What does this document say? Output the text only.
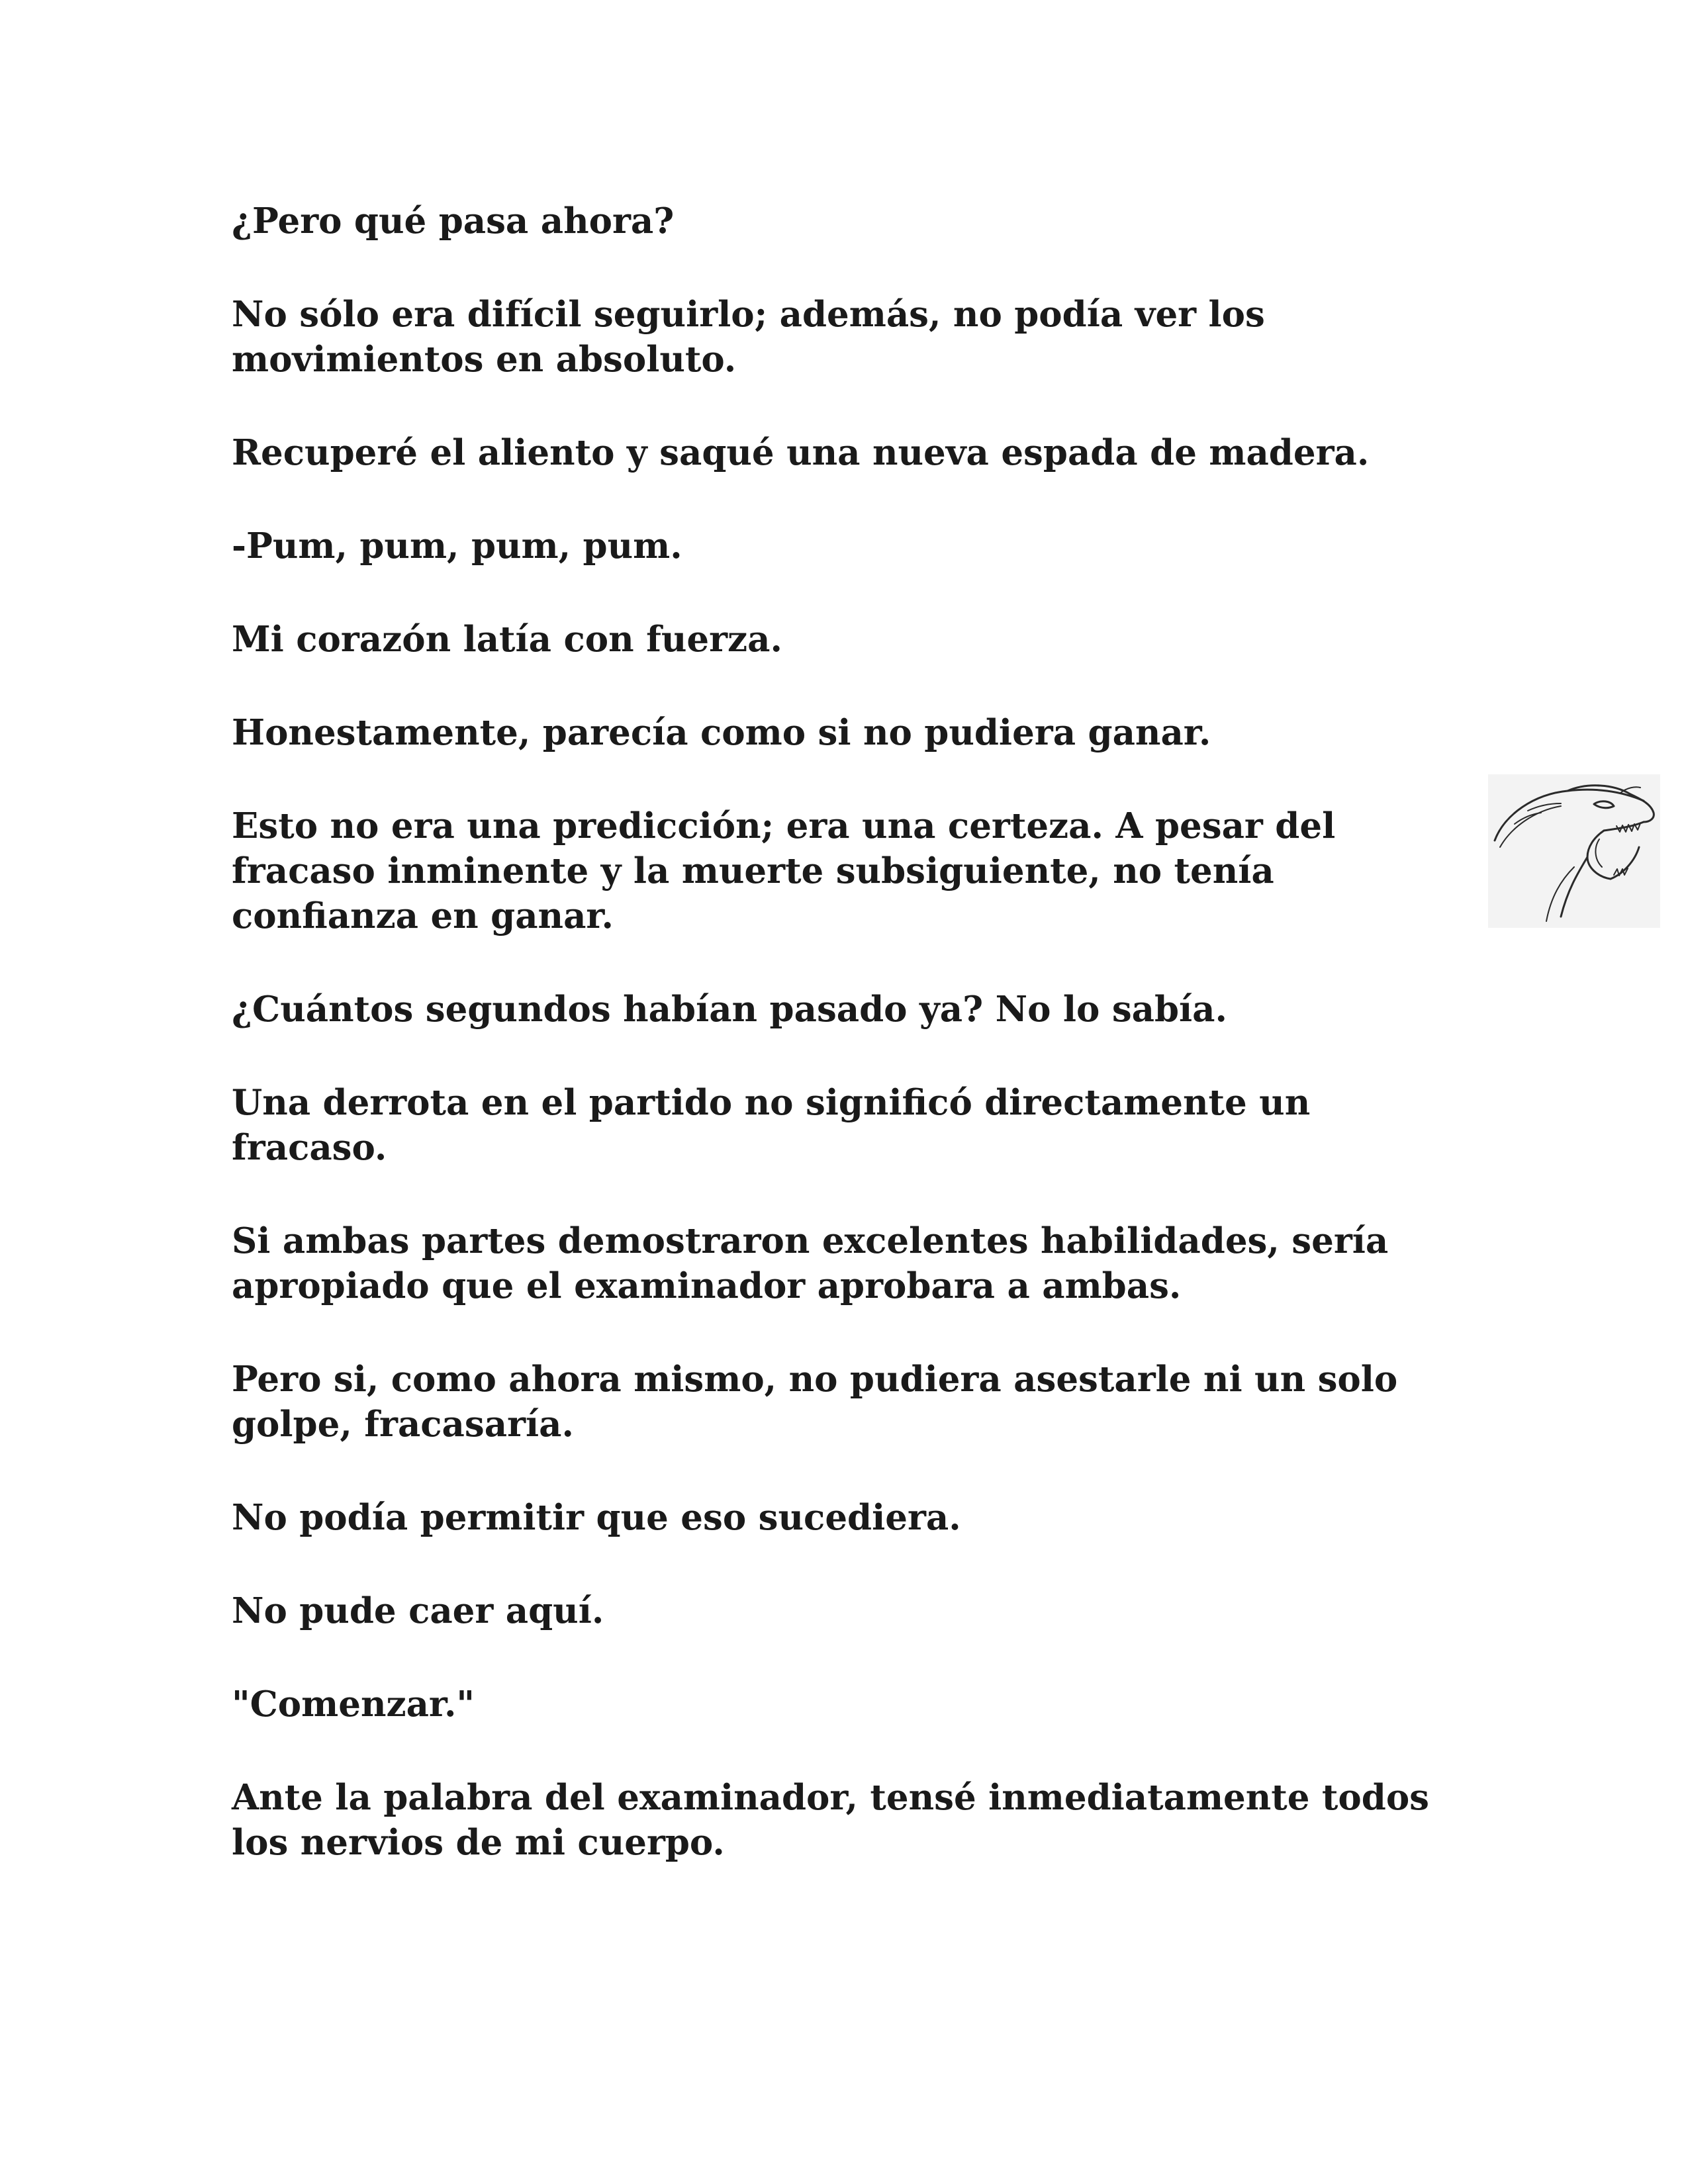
¿Pero qué pasa ahora?

No sólo era difícil seguirlo; además, no podía ver los
movimientos en absoluto.

Recuperé el aliento y saqué una nueva espada de madera.

-Pum, pum, pum, pum.

Mi corazón latía con fuerza.

Honestamente, parecía como si no pudiera ganar.

Esto no era una predicción; era una certeza. A pesar del
fracaso inminente y la muerte subsiguiente, no tenía
confianza en ganar.

¿Cuántos segundos habían pasado ya? No lo sabía.

Una derrota en el partido no significó directamente un
fracaso.

Si ambas partes demostraron excelentes habilidades, sería
apropiado que el examinador aprobara a ambas.

Pero si, como ahora mismo, no pudiera asestarle ni un solo
golpe, fracasaría.

No podía permitir que eso sucediera.

No pude caer aquí.

"Comenzar."

Ante la palabra del examinador, tensé inmediatamente todos
los nervios de mi cuerpo.
